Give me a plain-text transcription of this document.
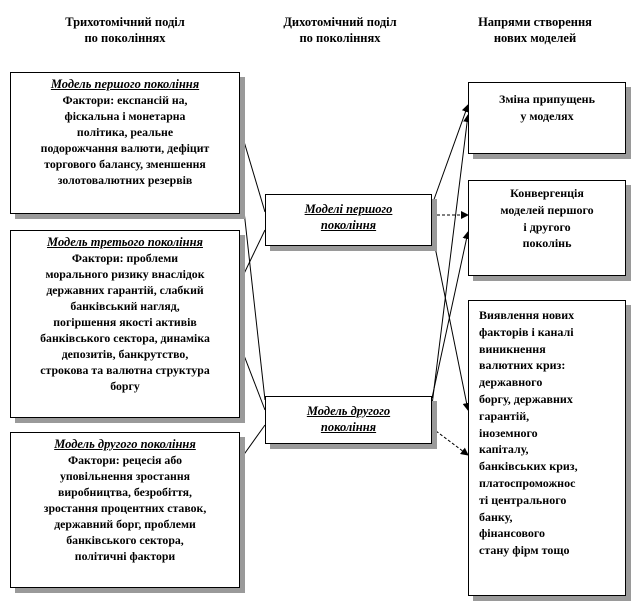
Трихотомічний поділ
по поколіннях
Дихотомічний поділ
по поколіннях
Напрями створення
нових моделей
Модель першого покоління
Фактори: експансій на,
фіскальна і монетарна
політика, реальне
подорожчання валюти, дефіцит
торгового балансу, зменшення
золотовалютних резервів
Модель третього покоління
Фактори: проблеми
морального ризику внаслідок
державних гарантій, слабкий
банківський нагляд,
погіршення якості активів
банківського сектора, динаміка
депозитів, банкрутство,
строкова та валютна структура
боргу
Модель другого покоління
Фактори: рецесія або
уповільнення зростання
виробництва, безробіття,
зростання процентних ставок,
державний борг, проблеми
банківського сектора,
політичні фактори
Моделі першого
покоління
Модель другого
покоління
Зміна припущень
у моделях
Конвергенція
моделей першого
і другого
поколінь
Виявлення нових
факторів і каналі
виникнення
валютних криз:
державного
боргу, державних
гарантій,
іноземного
капіталу,
банківських криз,
платоспроможнос
ті центрального
банку,
фінансового
стану фірм тощо
